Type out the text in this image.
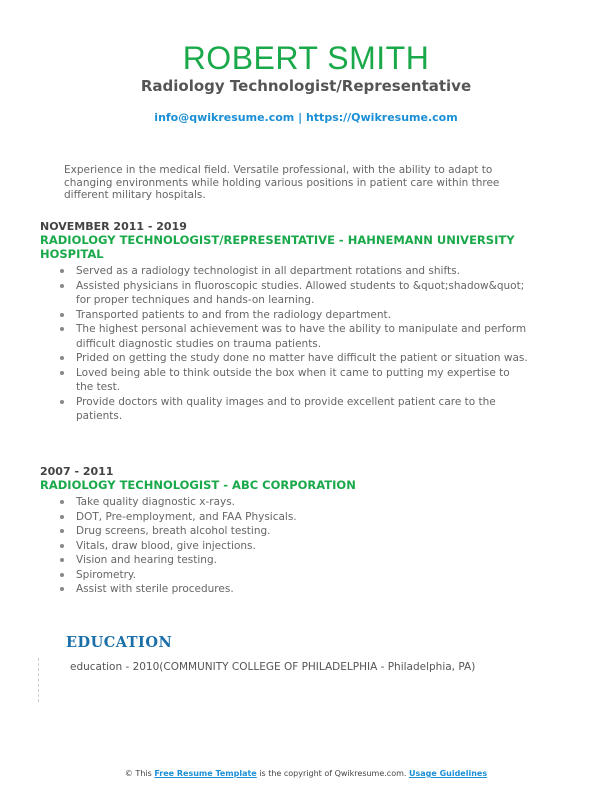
ROBERT SMITH
Radiology Technologist/Representative
info@qwikresume.com | https://Qwikresume.com
Experience in the medical field. Versatile professional, with the ability to adapt to changing environments while holding various positions in patient care within three different military hospitals.
NOVEMBER 2011 - 2019
RADIOLOGY TECHNOLOGIST/REPRESENTATIVE - HAHNEMANN UNIVERSITY HOSPITAL
Served as a radiology technologist in all department rotations and shifts.
Assisted physicians in fluoroscopic studies. Allowed students to &quot;shadow&quot; for proper techniques and hands-on learning.
Transported patients to and from the radiology department.
The highest personal achievement was to have the ability to manipulate and perform difficult diagnostic studies on trauma patients.
Prided on getting the study done no matter have difficult the patient or situation was.
Loved being able to think outside the box when it came to putting my expertise to the test.
Provide doctors with quality images and to provide excellent patient care to the patients.
2007 - 2011
RADIOLOGY TECHNOLOGIST - ABC CORPORATION
Take quality diagnostic x-rays.
DOT, Pre-employment, and FAA Physicals.
Drug screens, breath alcohol testing.
Vitals, draw blood, give injections.
Vision and hearing testing.
Spirometry.
Assist with sterile procedures.
EDUCATION
education - 2010(COMMUNITY COLLEGE OF PHILADELPHIA - Philadelphia, PA)
© This Free Resume Template is the copyright of Qwikresume.com. Usage Guidelines
